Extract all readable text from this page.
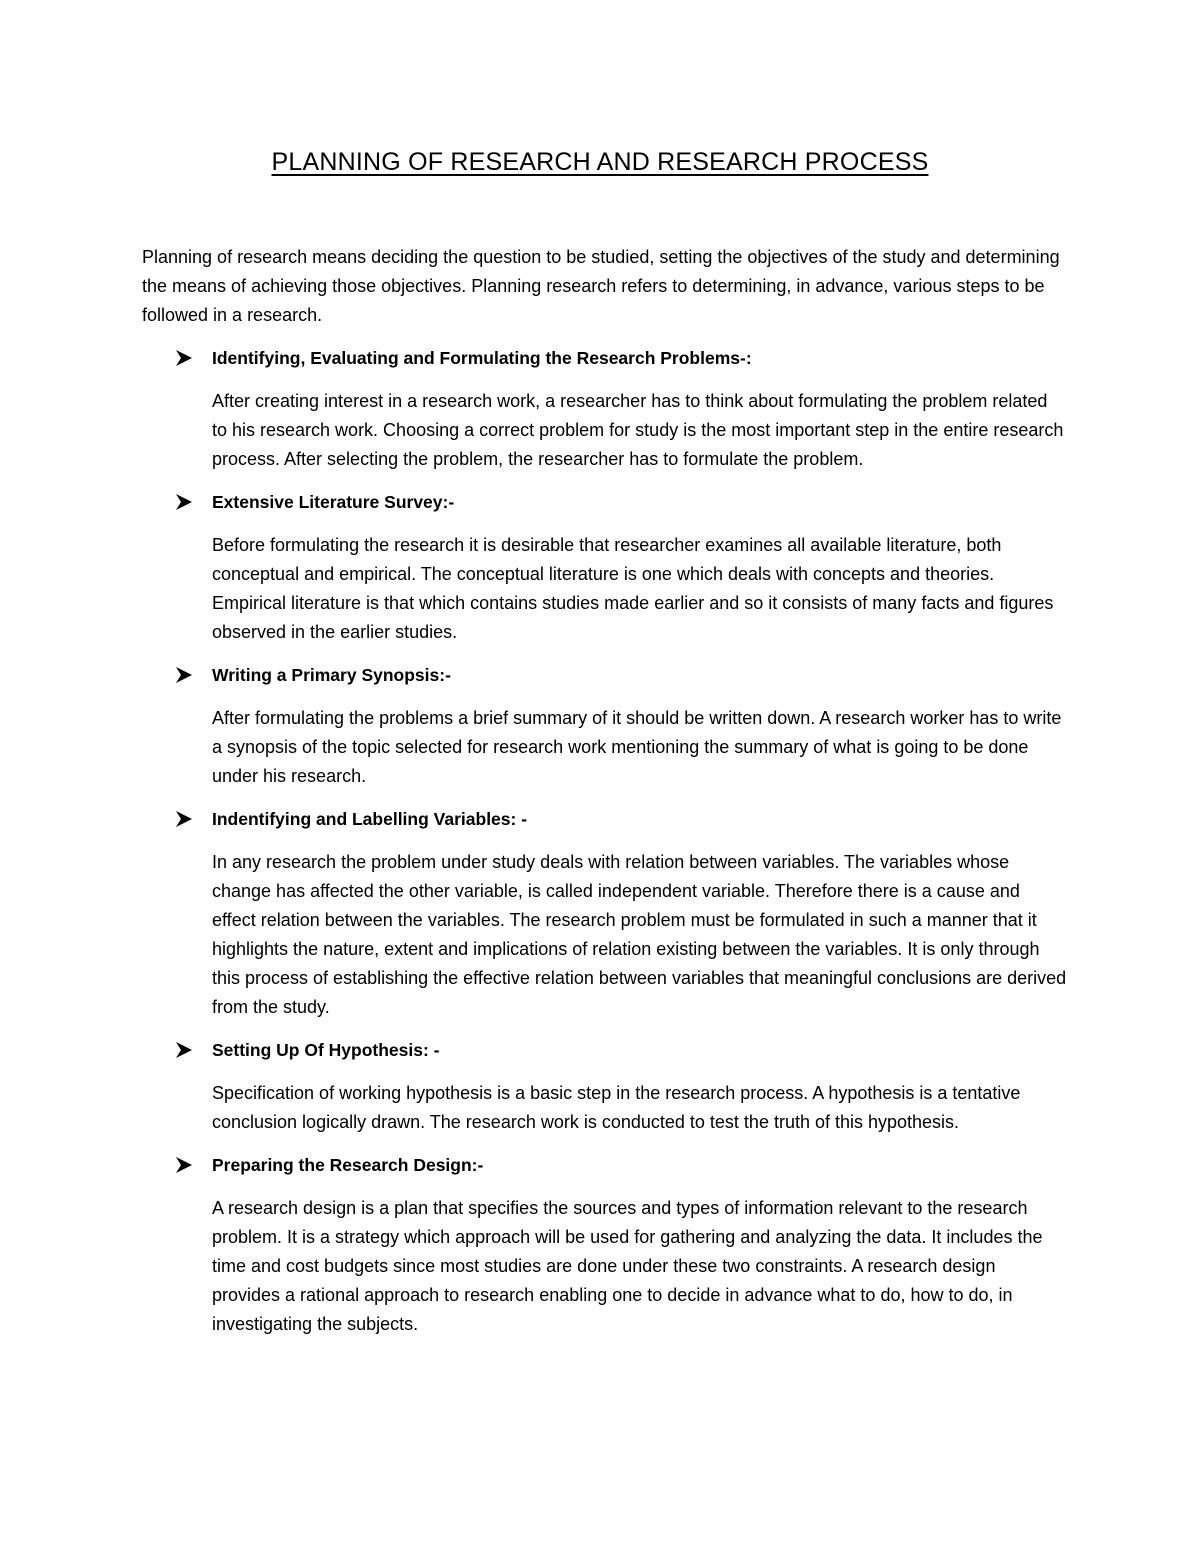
PLANNING OF RESEARCH AND RESEARCH PROCESS

Planning of research means deciding the question to be studied, setting the objectives of the study and determining the means of achieving those objectives. Planning research refers to determining, in advance, various steps to be followed in a research.

Identifying, Evaluating and Formulating the Research Problems-:
After creating interest in a research work, a researcher has to think about formulating the problem related to his research work. Choosing a correct problem for study is the most important step in the entire research process. After selecting the problem, the researcher has to formulate the problem.
Extensive Literature Survey:-
Before formulating the research it is desirable that researcher examines all available literature, both conceptual and empirical. The conceptual literature is one which deals with concepts and theories. Empirical literature is that which contains studies made earlier and so it consists of many facts and figures observed in the earlier studies.
Writing a Primary Synopsis:-
After formulating the problems a brief summary of it should be written down. A research worker has to write a synopsis of the topic selected for research work mentioning the summary of what is going to be done under his research.
Indentifying and Labelling Variables: -
In any research the problem under study deals with relation between variables. The variables whose change has affected the other variable, is called independent variable. Therefore there is a cause and effect relation between the variables. The research problem must be formulated in such a manner that it highlights the nature, extent and implications of relation existing between the variables. It is only through this process of establishing the effective relation between variables that meaningful conclusions are derived from the study.
Setting Up Of Hypothesis: -
Specification of working hypothesis is a basic step in the research process. A hypothesis is a tentative conclusion logically drawn. The research work is conducted to test the truth of this hypothesis.
Preparing the Research Design:-
A research design is a plan that specifies the sources and types of information relevant to the research problem. It is a strategy which approach will be used for gathering and analyzing the data. It includes the time and cost budgets since most studies are done under these two constraints. A research design provides a rational approach to research enabling one to decide in advance what to do, how to do, in investigating the subjects.
